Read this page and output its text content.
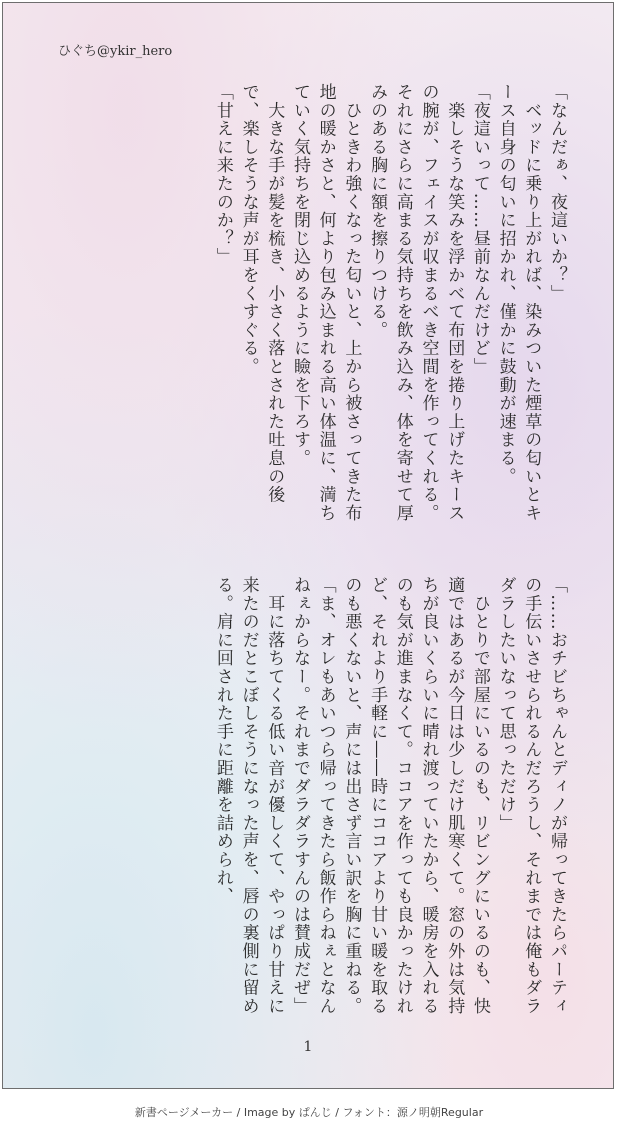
ひぐち@ykir_hero

「なんだぁ、夜這いか？」

　ベッドに乗り上がれば、染みついた煙草の匂いとキース自身の匂いに招かれ、僅かに鼓動が速まる。

「夜這いって……昼前なんだけど」

　楽しそうな笑みを浮かべて布団を捲り上げたキースの腕が、フェイスが収まるべき空間を作ってくれる。それにさらに高まる気持ちを飲み込み、体を寄せて厚みのある胸に額を擦りつける。

　ひときわ強くなった匂いと、上から被さってきた布地の暖かさと、何より包み込まれる高い体温に、満ちていく気持ちを閉じ込めるように瞼を下ろす。

　大きな手が髪を梳き、小さく落とされた吐息の後で、楽しそうな声が耳をくすぐる。

「甘えに来たのか？」

「……おチビちゃんとディノが帰ってきたらパーティの手伝いさせられるんだろうし、それまでは俺もダラダラしたいなって思っただけ」

　ひとりで部屋にいるのも、リビングにいるのも、快適ではあるが今日は少しだけ肌寒くて。窓の外は気持ちが良いくらいに晴れ渡っていたから、暖房を入れるのも気が進まなくて。ココアを作っても良かったけれど、それより手軽に――時にココアより甘い暖を取るのも悪くないと、声には出さず言い訳を胸に重ねる。

「ま、オレもあいつら帰ってきたら飯作らねぇとなんねぇからなー。それまでダラダラすんのは賛成だぜ」

　耳に落ちてくる低い音が優しくて、やっぱり甘えに来たのだとこぼしそうになった声を、唇の裏側に留める。肩に回された手に距離を詰められ、

1
新書ページメーカー / Image by ぱんじ / フォント：源ノ明朝Regular
